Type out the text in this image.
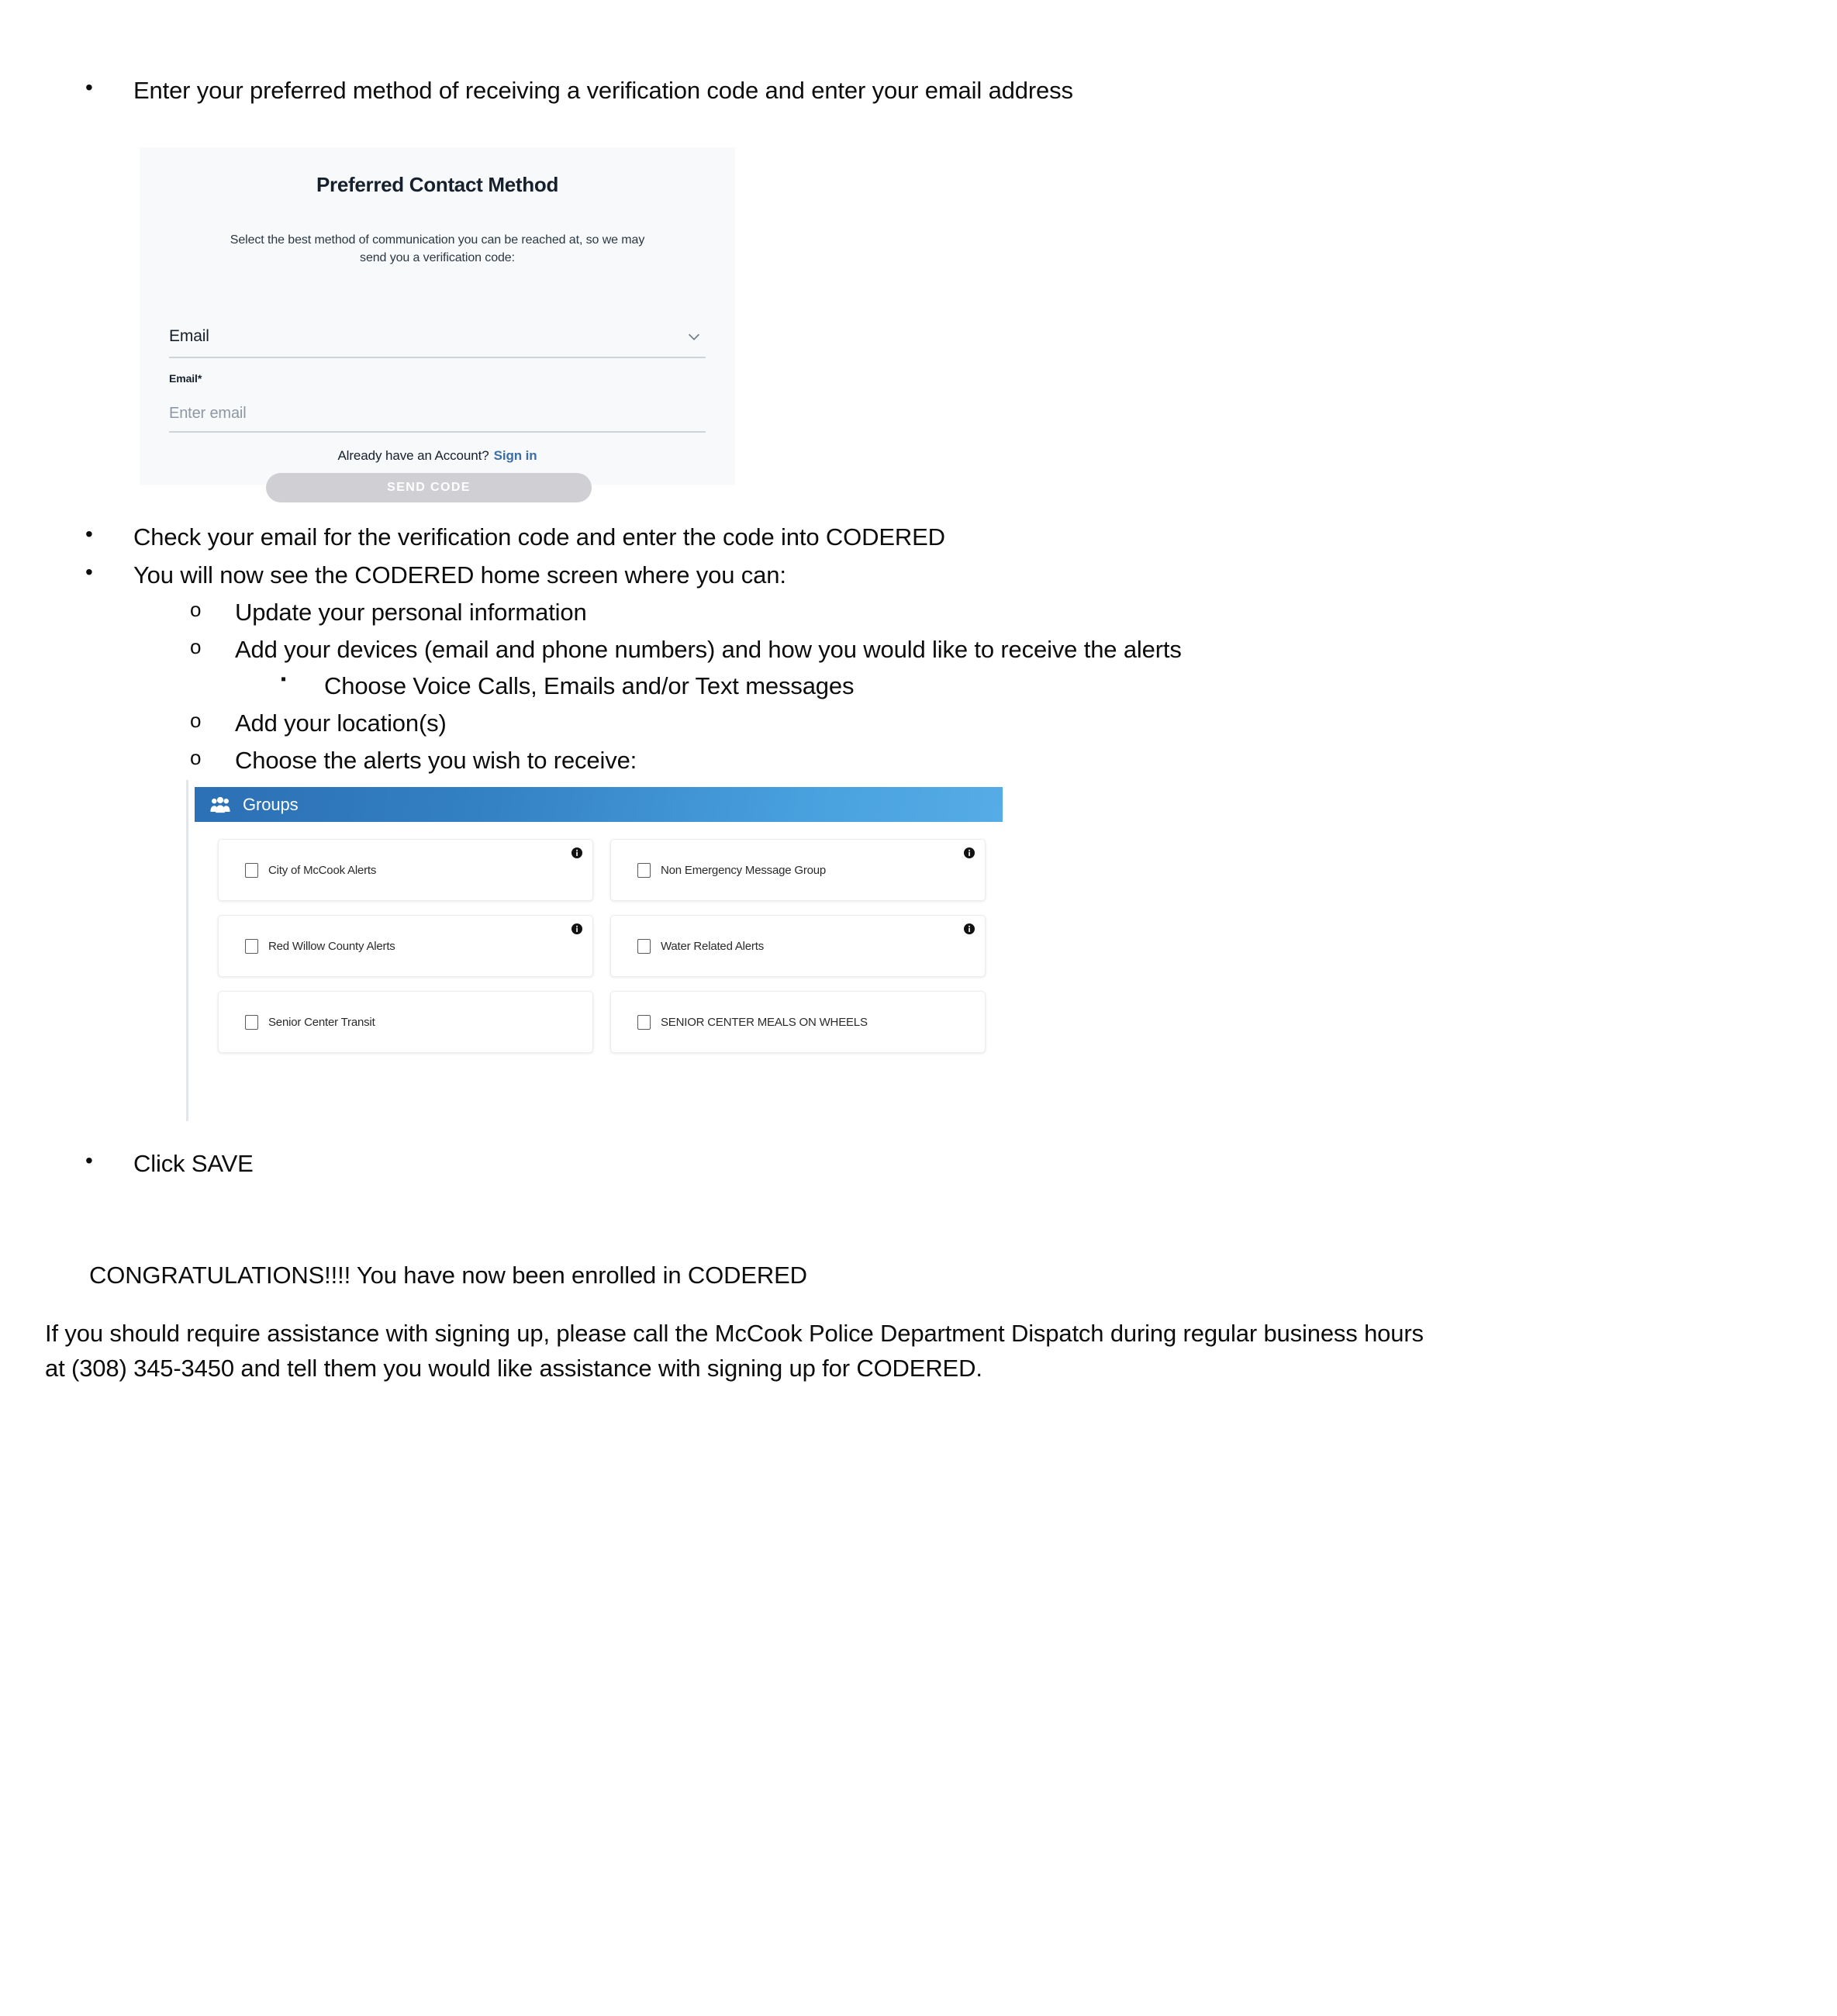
• Enter your preferred method of receiving a verification code and enter your email address
Preferred Contact Method
Select the best method of communication you can be reached at, so we may send you a verification code:
Email
Email*
Enter email
Already have an Account? Sign in
SEND CODE
• Check your email for the verification code and enter the code into CODERED
• You will now see the CODERED home screen where you can:
o Update your personal information
o Add your devices (email and phone numbers) and how you would like to receive the alerts
▪ Choose Voice Calls, Emails and/or Text messages
o Add your location(s)
o Choose the alerts you wish to receive:
Groups
City of McCook Alerts	Non Emergency Message Group
Red Willow County Alerts	Water Related Alerts
Senior Center Transit	SENIOR CENTER MEALS ON WHEELS
• Click SAVE
CONGRATULATIONS!!!! You have now been enrolled in CODERED
If you should require assistance with signing up, please call the McCook Police Department Dispatch during regular business hours at (308) 345-3450 and tell them you would like assistance with signing up for CODERED.
